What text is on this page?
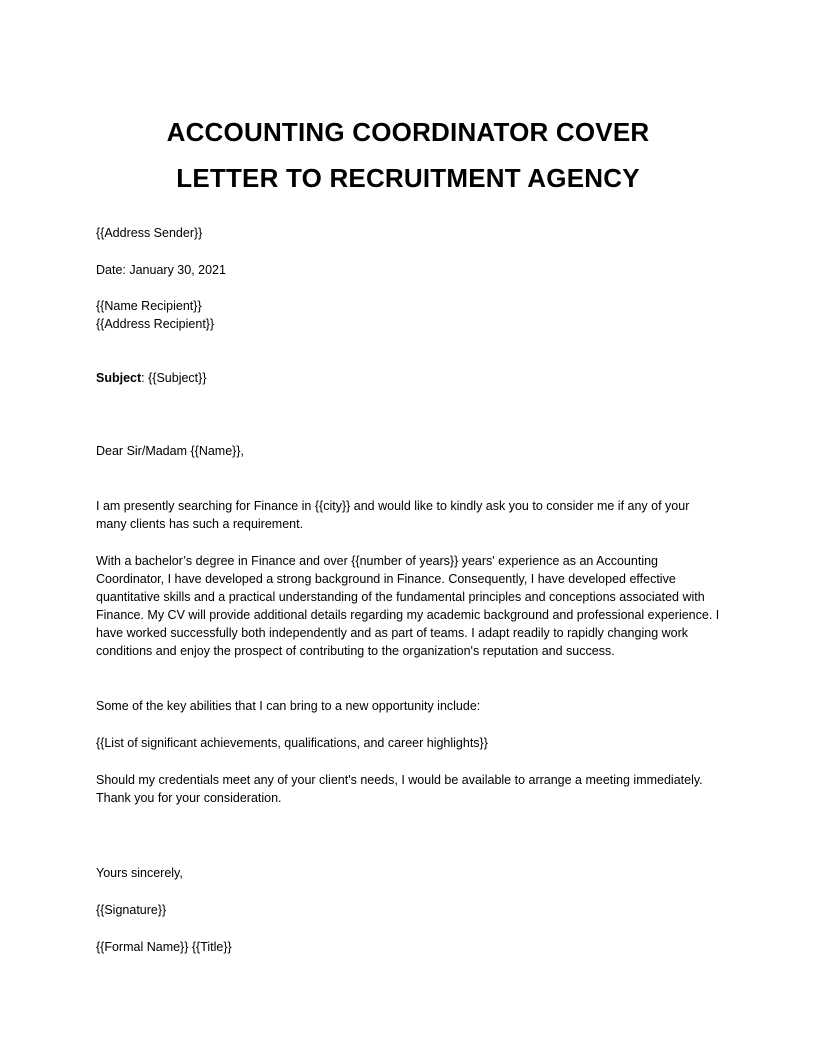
ACCOUNTING COORDINATOR COVER
LETTER TO RECRUITMENT AGENCY

{{Address Sender}}

Date: January 30, 2021

{{Name Recipient}}

{{Address Recipient}}

Subject: {{Subject}}

Dear Sir/Madam {{Name}},

I am presently searching for Finance in {{city}} and would like to kindly ask you to consider me if any of your many clients has such a requirement.

With a bachelor’s degree in Finance and over {{number of years}} years' experience as an Accounting Coordinator, I have developed a strong background in Finance. Consequently, I have developed effective quantitative skills and a practical understanding of the fundamental principles and conceptions associated with Finance. My CV will provide additional details regarding my academic background and professional experience. I have worked successfully both independently and as part of teams. I adapt readily to rapidly changing work conditions and enjoy the prospect of contributing to the organization's reputation and success.

Some of the key abilities that I can bring to a new opportunity include:

{{List of significant achievements, qualifications, and career highlights}}

Should my credentials meet any of your client's needs, I would be available to arrange a meeting immediately. Thank you for your consideration.

Yours sincerely,

{{Signature}}

{{Formal Name}} {{Title}}
